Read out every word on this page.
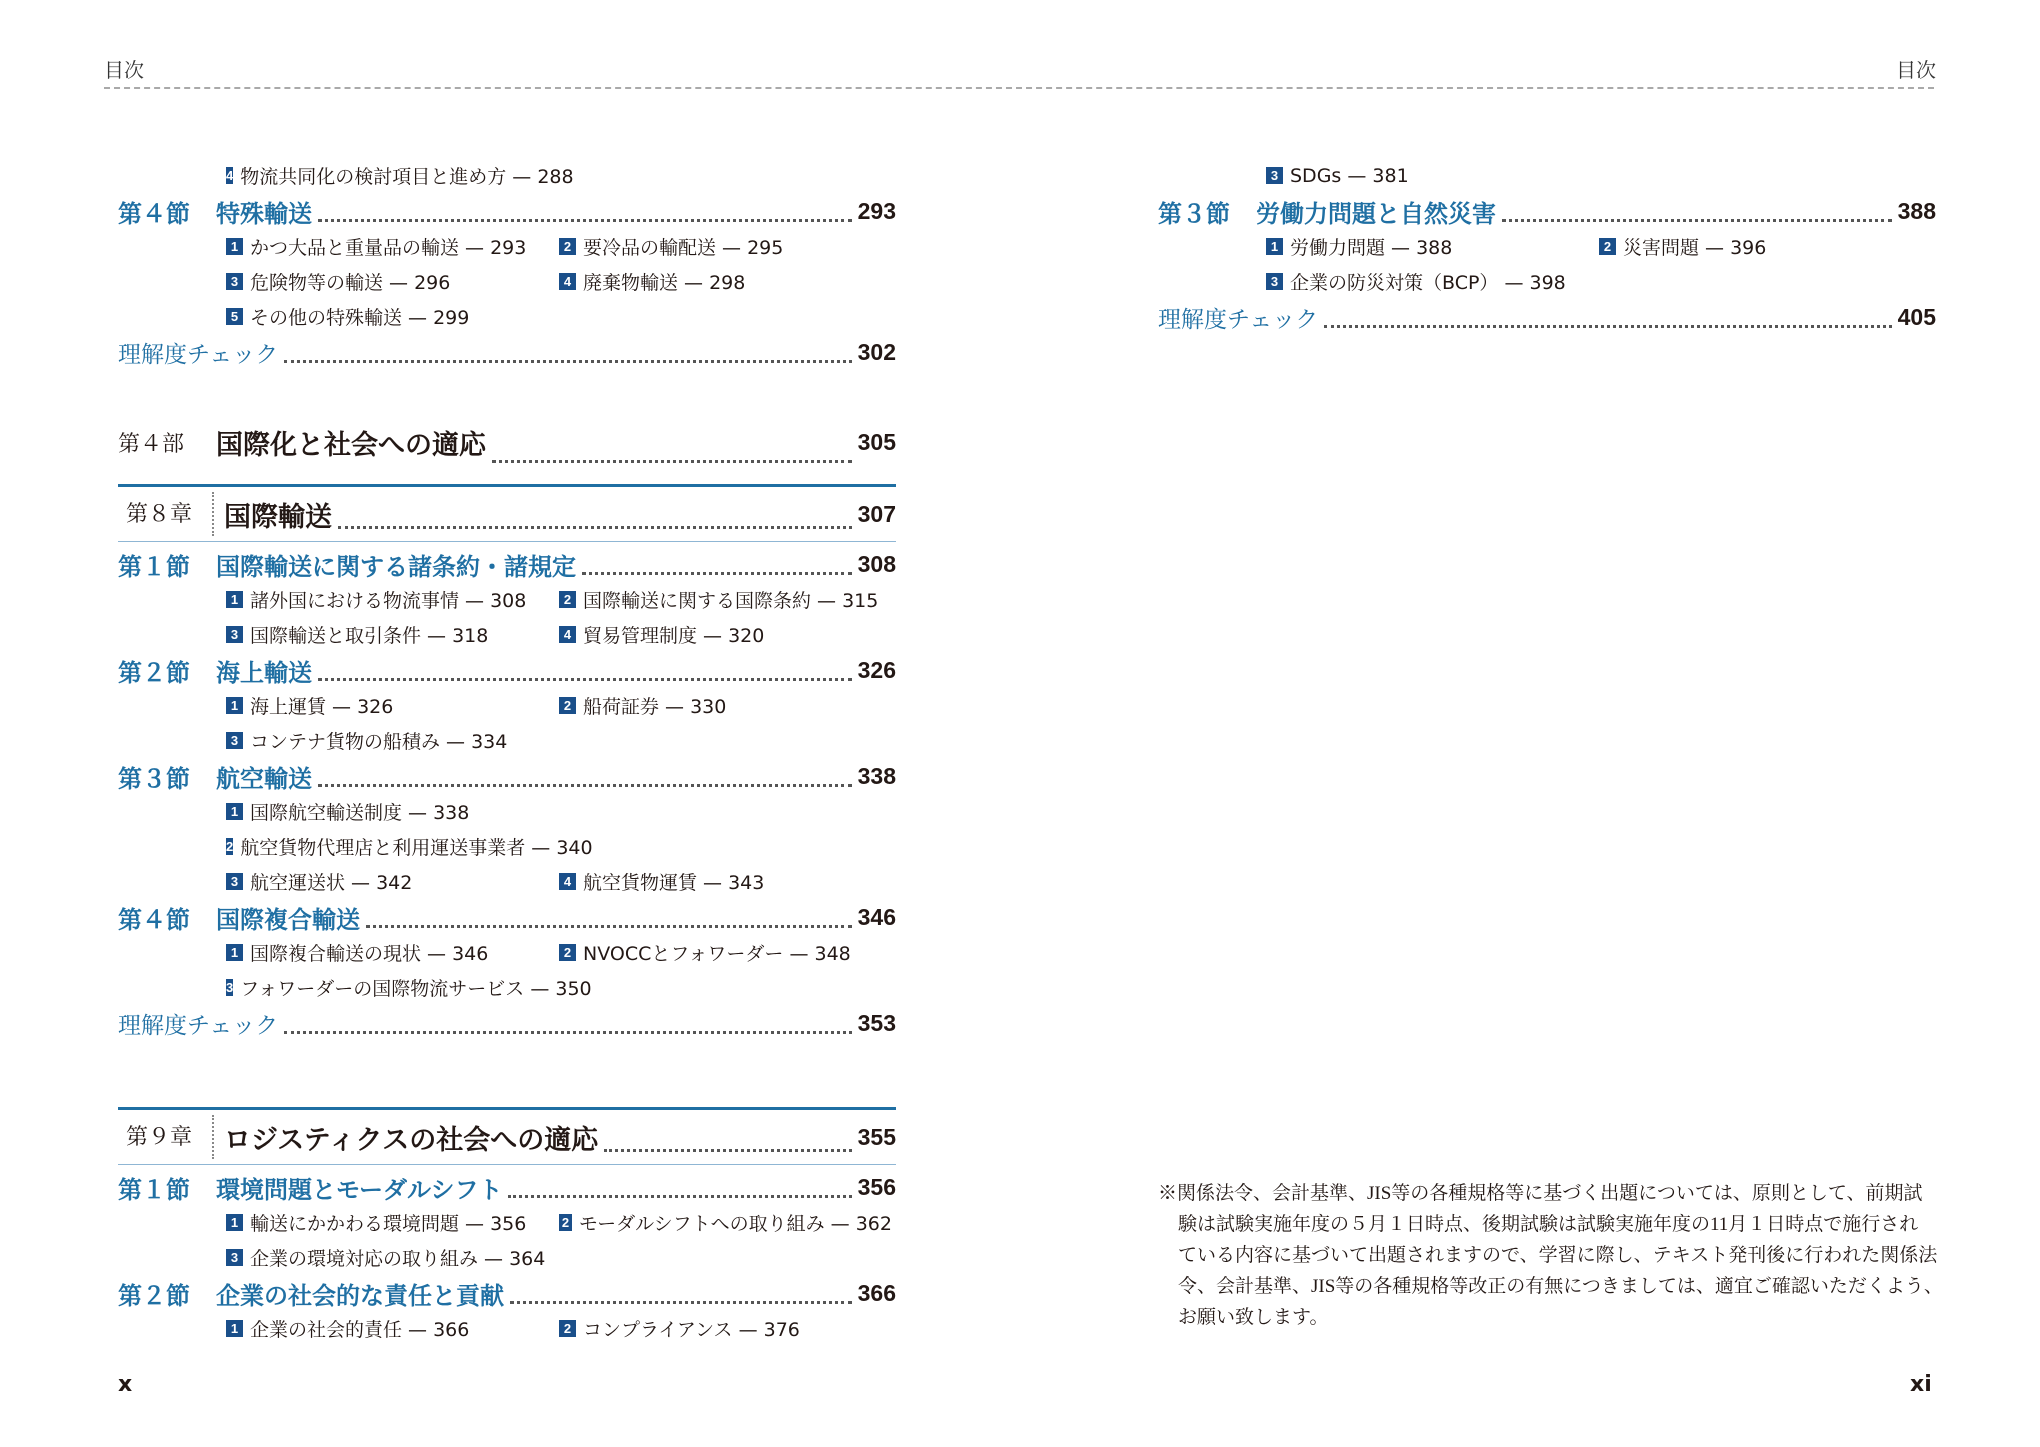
目次	目次
4 物流共同化の検討項目と進め方 — 288
第４節	特殊輸送	293
1 かつ大品と重量品の輸送 — 293	2 要冷品の輸配送 — 295
3 危険物等の輸送 — 296	4 廃棄物輸送 — 298
5 その他の特殊輸送 — 299
理解度チェック	302
第４部	国際化と社会への適応	305
第８章	国際輸送	307
第１節	国際輸送に関する諸条約・諸規定	308
1 諸外国における物流事情 — 308	2 国際輸送に関する国際条約 — 315
3 国際輸送と取引条件 — 318	4 貿易管理制度 — 320
第２節	海上輸送	326
1 海上運賃 — 326	2 船荷証券 — 330
3 コンテナ貨物の船積み — 334
第３節	航空輸送	338
1 国際航空輸送制度 — 338
2 航空貨物代理店と利用運送事業者 — 340
3 航空運送状 — 342	4 航空貨物運賃 — 343
第４節	国際複合輸送	346
1 国際複合輸送の現状 — 346	2 NVOCCとフォワーダー — 348
3 フォワーダーの国際物流サービス — 350
理解度チェック	353
第９章	ロジスティクスの社会への適応	355
第１節	環境問題とモーダルシフト	356
1 輸送にかかわる環境問題 — 356	2 モーダルシフトへの取り組み — 362
3 企業の環境対応の取り組み — 364
第２節	企業の社会的な責任と貢献	366
1 企業の社会的責任 — 366	2 コンプライアンス — 376
3 SDGs — 381
第３節	労働力問題と自然災害	388
1 労働力問題 — 388	2 災害問題 — 396
3 企業の防災対策（BCP） — 398
理解度チェック	405
※関係法令、会計基準、JIS等の各種規格等に基づく出題については、原則として、前期試
験は試験実施年度の５月１日時点、後期試験は試験実施年度の11月１日時点で施行され
ている内容に基づいて出題されますので、学習に際し、テキスト発刊後に行われた関係法
令、会計基準、JIS等の各種規格等改正の有無につきましては、適宜ご確認いただくよう、
お願い致します。
x	xi
